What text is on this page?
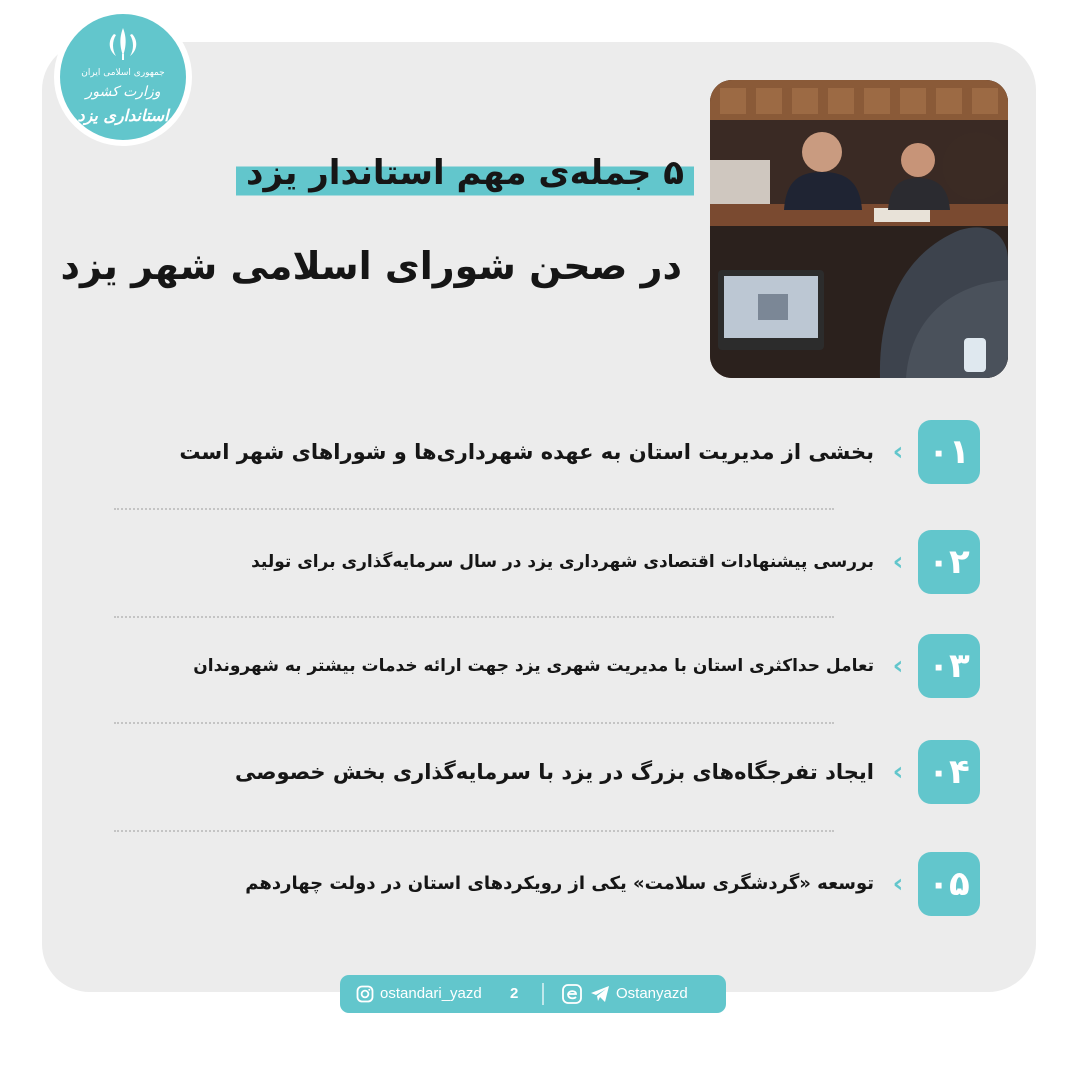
جمهوری اسلامی ایران
وزارت کشور
استانداری یزد
۵ جمله‌ی مهم استاندار یزد
در صحن شورای اسلامی شهر یزد
۰۱
‹
بخشی از مدیریت استان به عهده شهرداری‌ها و شوراهای شهر است
۰۲
‹
بررسی پیشنهادات اقتصادی شهرداری یزد در سال سرمایه‌گذاری برای تولید
۰۳
‹
تعامل حداکثری استان با مدیریت شهری یزد جهت ارائه خدمات بیشتر به شهروندان
۰۴
‹
ایجاد تفرجگاه‌های بزرگ در یزد با سرمایه‌گذاری بخش خصوصی
۰۵
‹
توسعه «گردشگری سلامت» یکی از رویکردهای استان در دولت چهاردهم
ostandari_yazd 2	Ostanyazd
